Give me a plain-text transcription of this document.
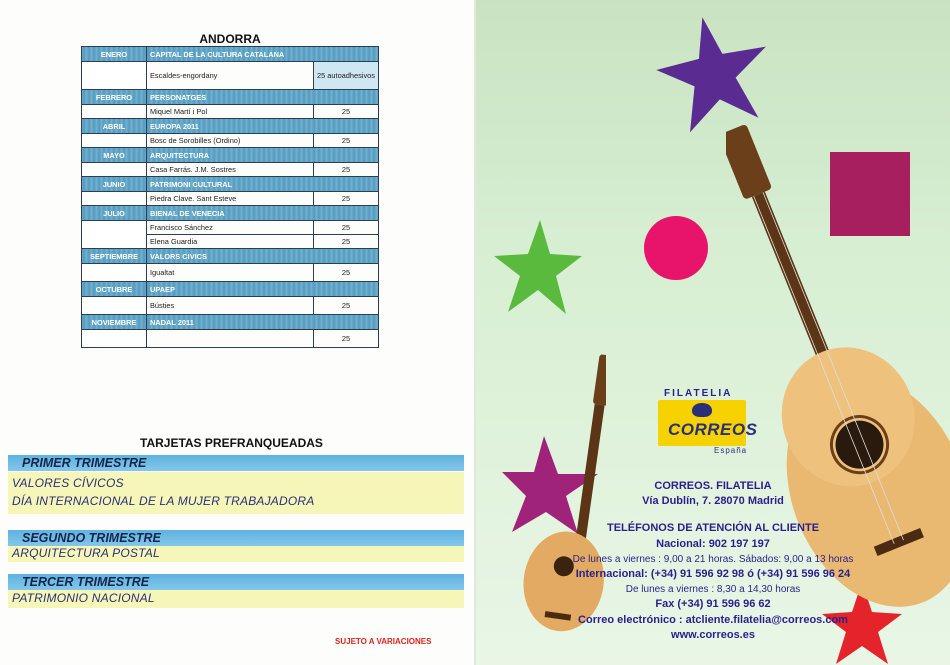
ANDORRA
ENERO	CAPITAL DE LA CULTURA CATALANA	
	Escaldes-engordany	25 autoadhesivos
FEBRERO	PERSONATGES	
	Miquel Martí i Pol	25
ABRIL	EUROPA 2011	
	Bosc de Sorobilles (Ordino)	25
MAYO	ARQUITECTURA	
	Casa Farrás. J.M. Sostres	25
JUNIO	PATRIMONI CULTURAL	
	Piedra Clave. Sant Esteve	25
JULIO	BIENAL DE VENECIA	
	Francisco Sánchez	25
	Elena Guardia	25
SEPTIEMBRE	VALORS CIVICS	
	Igualtat	25
OCTUBRE	UPAEP	
	Bústies	25
NOVIEMBRE	NADAL 2011	
		25
TARJETAS PREFRANQUEADAS
PRIMER TRIMESTRE
VALORES CÍVICOS
DÍA INTERNACIONAL DE LA MUJER TRABAJADORA
SEGUNDO TRIMESTRE
ARQUITECTURA POSTAL
TERCER TRIMESTRE
PATRIMONIO NACIONAL
SUJETO A VARIACIONES
FILATELIA
CORREOS
España
CORREOS. FILATELIA
Vía Dublín, 7. 28070 Madrid
TELÉFONOS DE ATENCIÓN AL CLIENTE
Nacional: 902 197 197
De lunes a viernes : 9,00 a 21 horas. Sábados: 9,00 a 13 horas
Internacional: (+34) 91 596 92 98 ó (+34) 91 596 96 24
De lunes a viernes : 8,30 a 14,30 horas
Fax (+34) 91 596 96 62
Correo electrónico : atcliente.filatelia@correos.com
www.correos.es
